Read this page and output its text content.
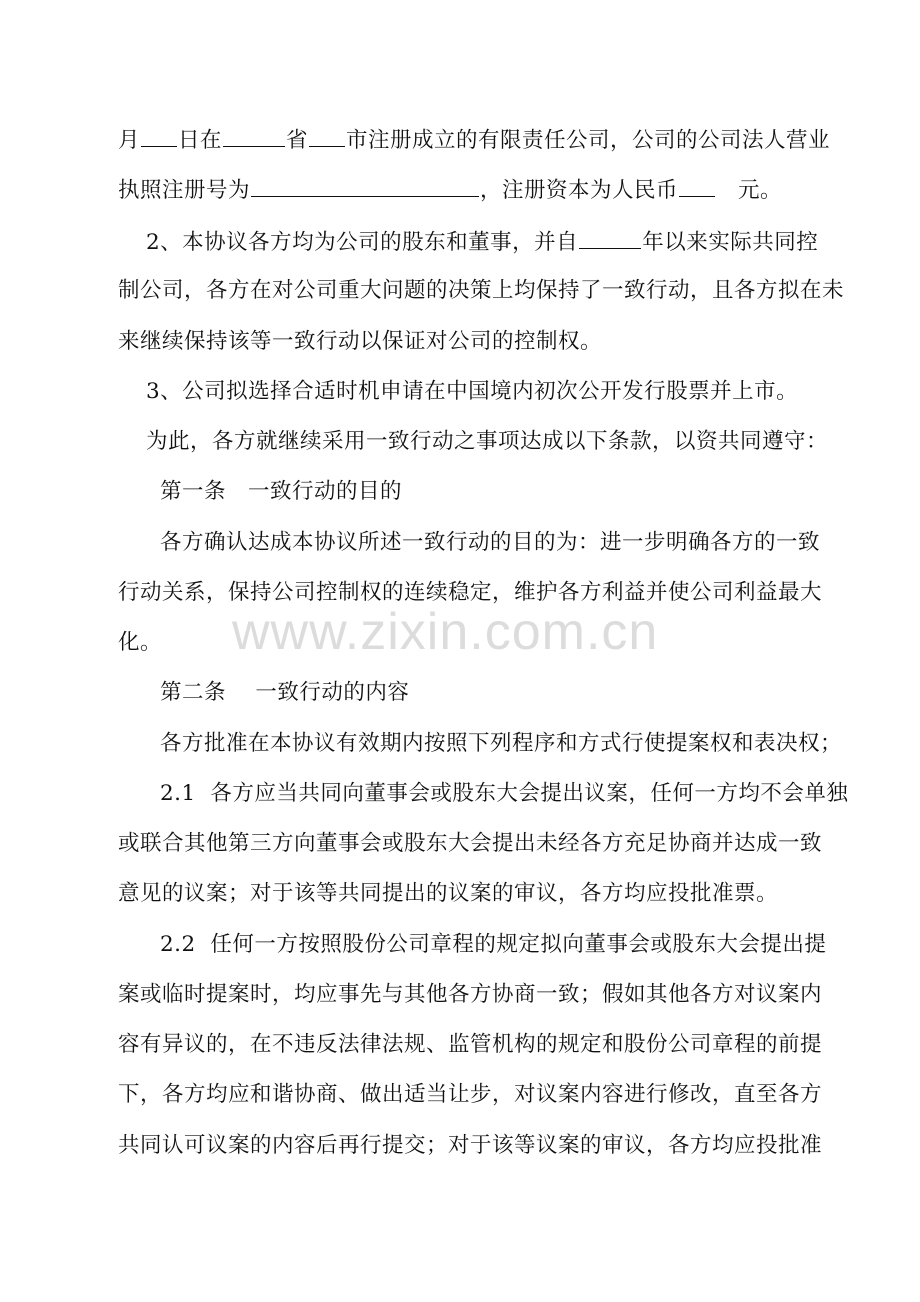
月 日在	省 市注册成立的有限责任公司，公司的公司法人营业
执照注册号为	，注册资本为人民币	元。
2、本协议各方均为公司的股东和董事，并自	年以来实际共同控
制公司，各方在对公司重大问题的决策上均保持了一致行动，且各方拟在未
来继续保持该等一致行动以保证对公司的控制权。
3、公司拟选择合适时机申请在中国境内初次公开发行股票并上市。
为此，各方就继续采用一致行动之事项达成以下条款，以资共同遵守：
第一条　一致行动的目的
各方确认达成本协议所述一致行动的目的为：进一步明确各方的一致
行动关系，保持公司控制权的连续稳定，维护各方利益并使公司利益最大
化。
第二条　 一致行动的内容
各方批准在本协议有效期内按照下列程序和方式行使提案权和表决权；
2.1  各方应当共同向董事会或股东大会提出议案，任何一方均不会单独
或联合其他第三方向董事会或股东大会提出未经各方充足协商并达成一致
意见的议案；对于该等共同提出的议案的审议，各方均应投批准票。
2.2  任何一方按照股份公司章程的规定拟向董事会或股东大会提出提
案或临时提案时，均应事先与其他各方协商一致；假如其他各方对议案内
容有异议的，在不违反法律法规、监管机构的规定和股份公司章程的前提
下，各方均应和谐协商、做出适当让步，对议案内容进行修改，直至各方
共同认可议案的内容后再行提交；对于该等议案的审议，各方均应投批准
www.zixin.com.cn
